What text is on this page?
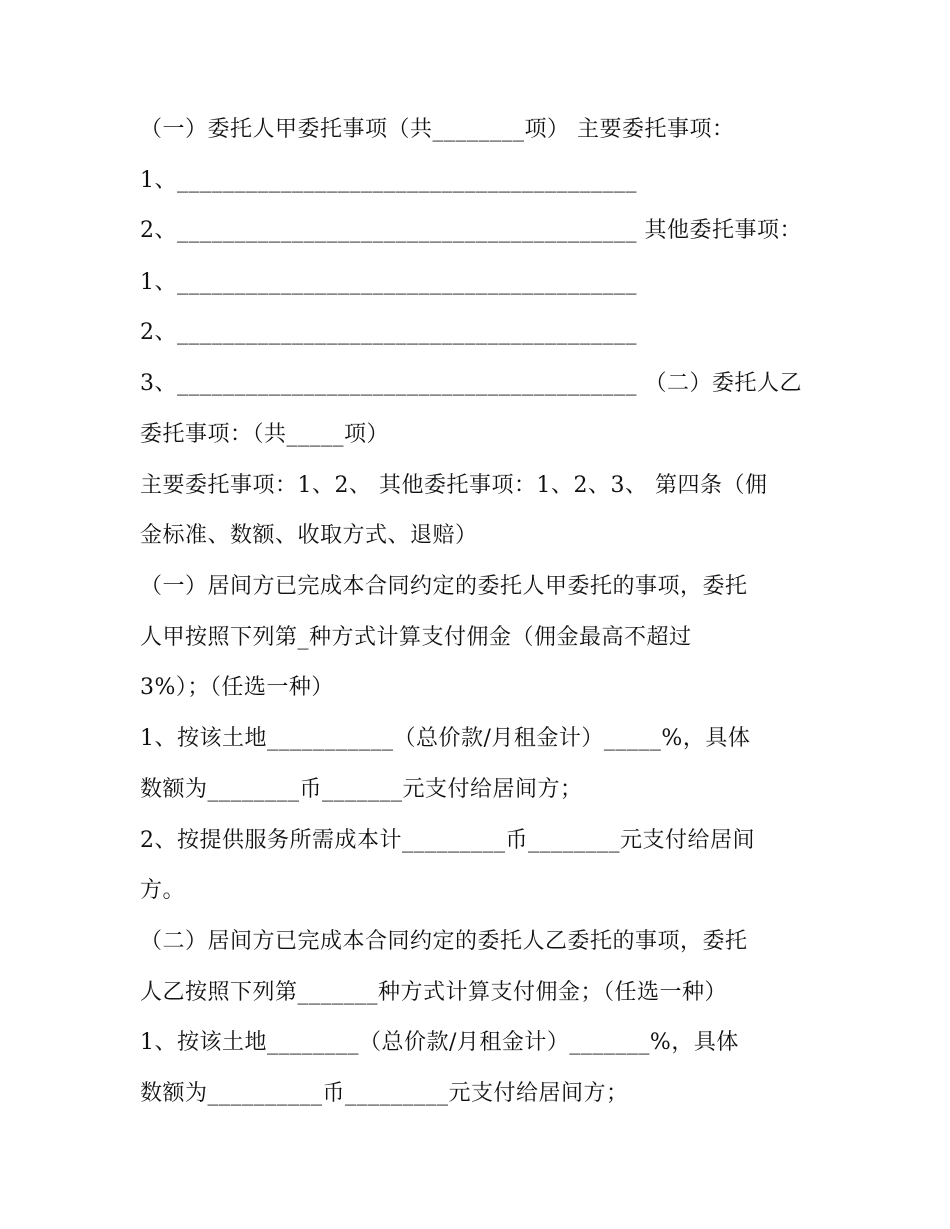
（一）委托人甲委托事项（共________项） 主要委托事项：
1、________________________________________
2、________________________________________ 其他委托事项：
1、________________________________________
2、________________________________________
3、________________________________________ （二）委托人乙
委托事项：（共_____项）
主要委托事项：1、2、 其他委托事项：1、2、3、 第四条（佣
金标准、数额、收取方式、退赔）
（一）居间方已完成本合同约定的委托人甲委托的事项，委托
人甲按照下列第_种方式计算支付佣金（佣金最高不超过
3%）；（任选一种）
1、按该土地___________（总价款/月租金计）_____%，具体
数额为________币_______元支付给居间方；
2、按提供服务所需成本计_________币________元支付给居间
方。
（二）居间方已完成本合同约定的委托人乙委托的事项，委托
人乙按照下列第_______种方式计算支付佣金；（任选一种）
1、按该土地________（总价款/月租金计）_______%，具体
数额为__________币_________元支付给居间方；
